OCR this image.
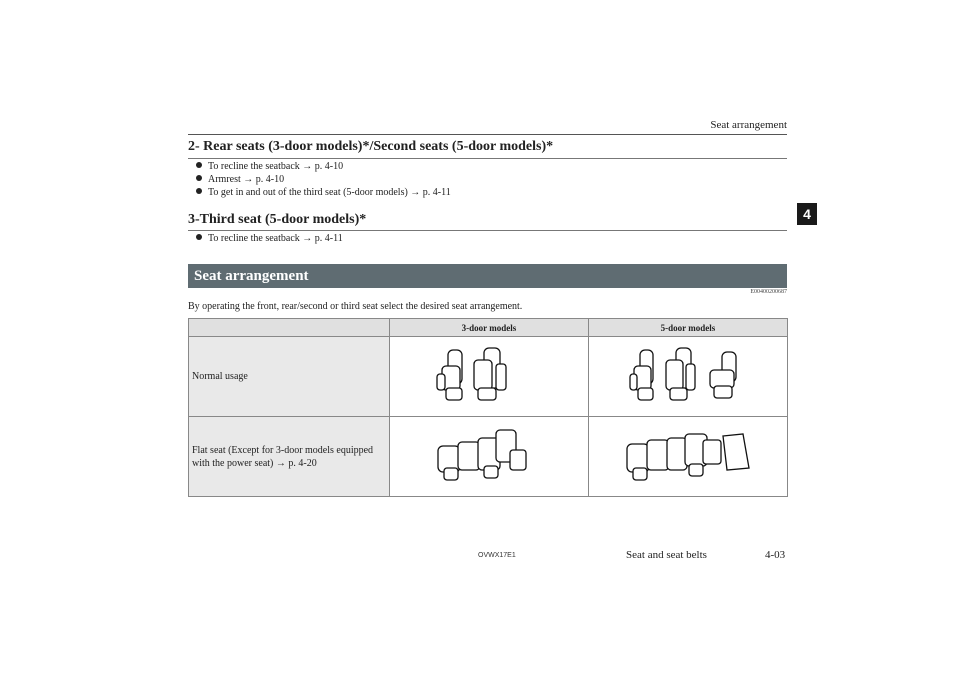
Seat arrangement
2- Rear seats (3-door models)*/Second seats (5-door models)*
To recline the seatback → p. 4-10
Armrest → p. 4-10
To get in and out of the third seat (5-door models) → p. 4-11
3-Third seat (5-door models)*
To recline the seatback → p. 4-11
Seat arrangement
E00400200687
By operating the front, rear/second or third seat select the desired seat arrangement.
	3-door models	5-door models
Normal usage		
Flat seat (Except for 3-door models equipped
with the power seat) → p. 4-20		
4
OVWX17E1	Seat and seat belts	4-03
